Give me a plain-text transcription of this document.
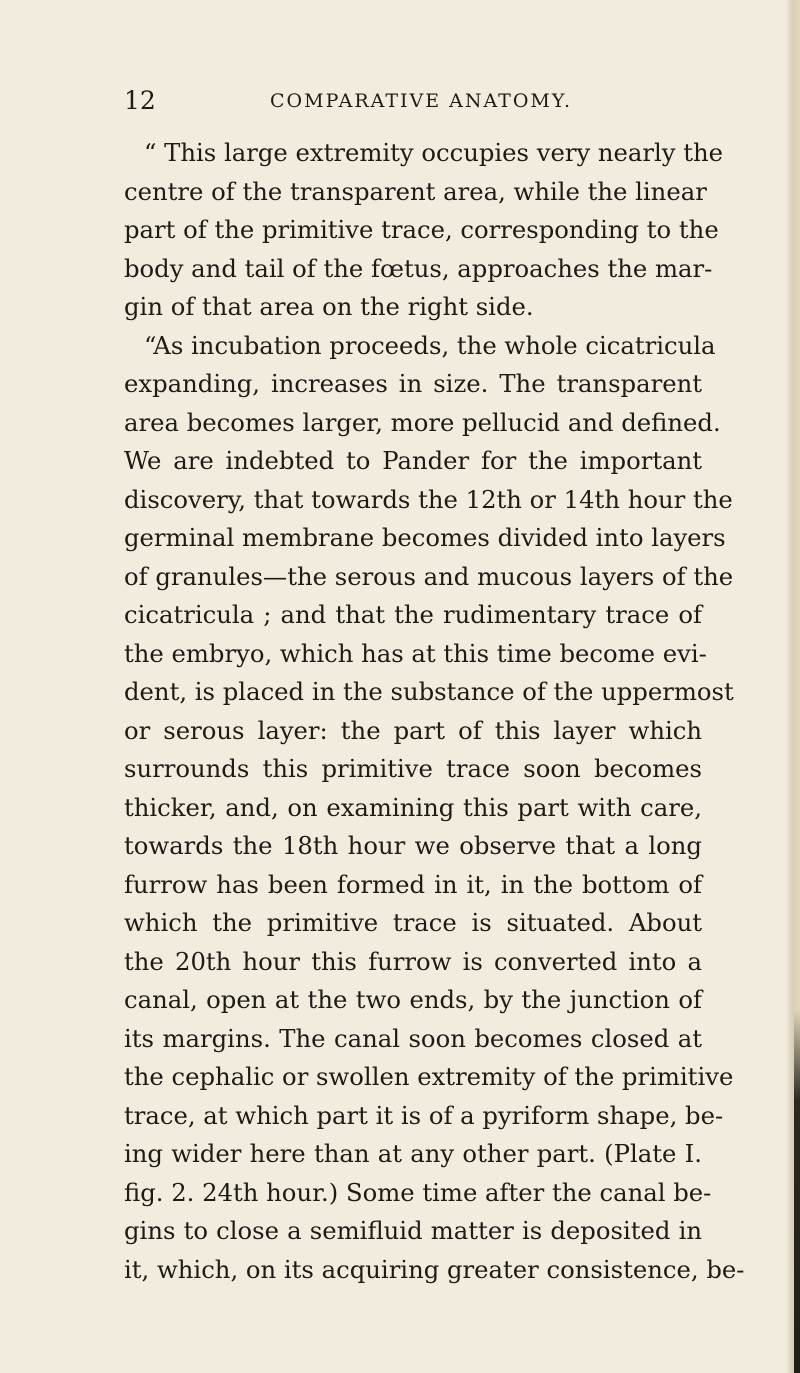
12	COMPARATIVE ANATOMY.
“ This large extremity occupies very nearly the
centre of the transparent area, while the linear
part of the primitive trace, corresponding to the
body and tail of the fœtus, approaches the mar-
gin of that area on the right side.
“As incubation proceeds, the whole cicatricula
expanding, increases in size. The transparent
area becomes larger, more pellucid and defined.
We are indebted to Pander for the important
discovery, that towards the 12th or 14th hour the
germinal membrane becomes divided into layers
of granules—the serous and mucous layers of the
cicatricula ; and that the rudimentary trace of
the embryo, which has at this time become evi-
dent, is placed in the substance of the uppermost
or serous layer: the part of this layer which
surrounds this primitive trace soon becomes
thicker, and, on examining this part with care,
towards the 18th hour we observe that a long
furrow has been formed in it, in the bottom of
which the primitive trace is situated. About
the 20th hour this furrow is converted into a
canal, open at the two ends, by the junction of
its margins. The canal soon becomes closed at
the cephalic or swollen extremity of the primitive
trace, at which part it is of a pyriform shape, be-
ing wider here than at any other part. (Plate I.
fig. 2. 24th hour.) Some time after the canal be-
gins to close a semifluid matter is deposited in
it, which, on its acquiring greater consistence, be-
